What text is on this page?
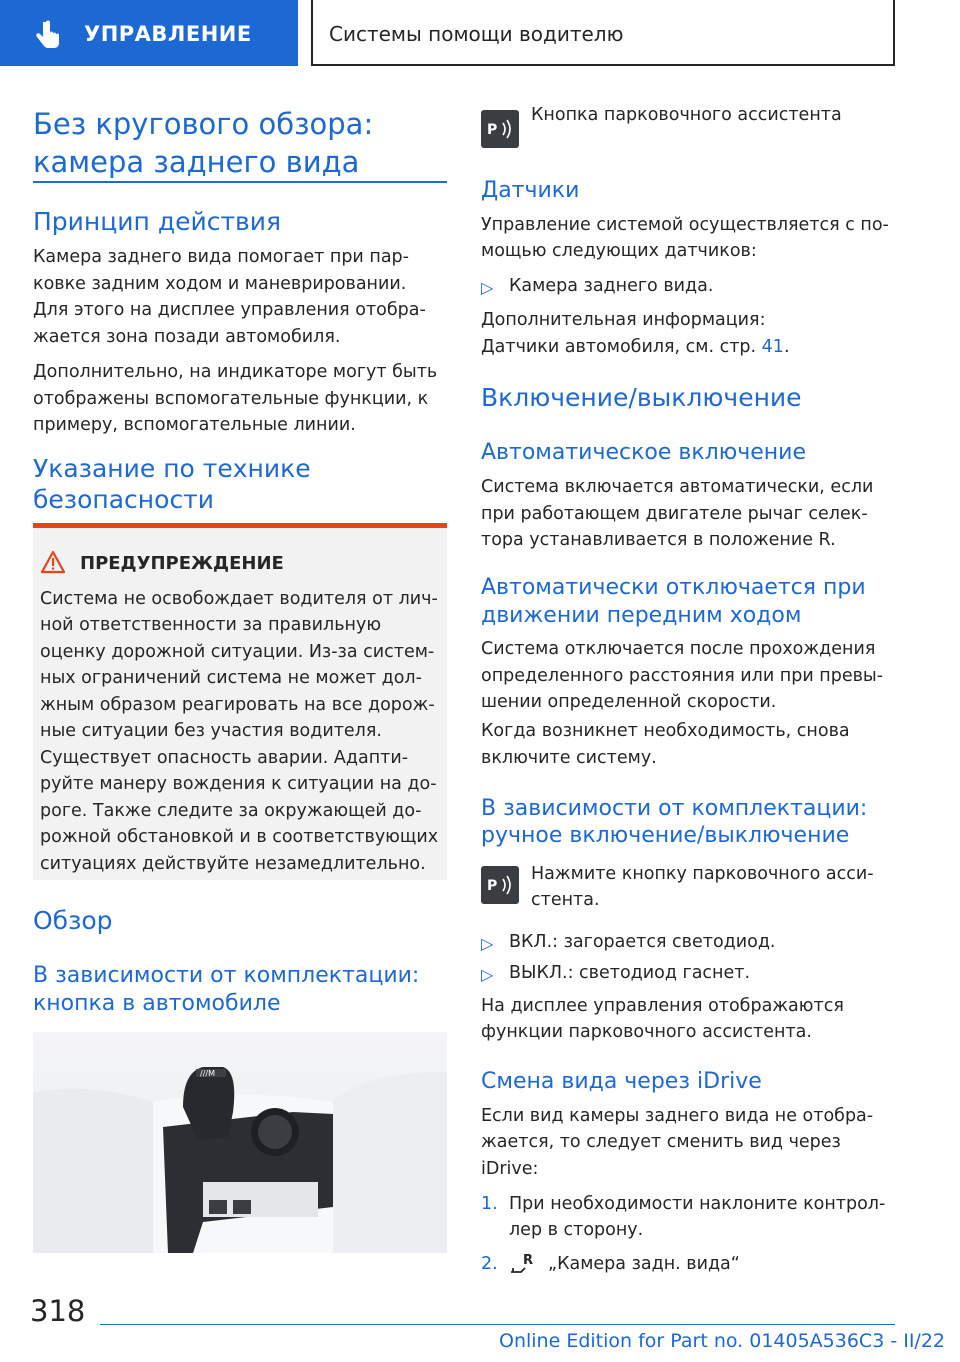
УПРАВЛЕНИЕ	Системы помощи водителю
Без кругового обзора:
камера заднего вида
Принцип действия
Камера заднего вида помогает при пар-
ковке задним ходом и маневрировании.
Для этого на дисплее управления отобра-
жается зона позади автомобиля.
Дополнительно, на индикаторе могут быть
отображены вспомогательные функции, к
примеру, вспомогательные линии.
Указание по технике
безопасности
ПРЕДУПРЕЖДЕНИЕ
Система не освобождает водителя от лич-
ной ответственности за правильную
оценку дорожной ситуации. Из-за систем-
ных ограничений система не может дол-
жным образом реагировать на все дорож-
ные ситуации без участия водителя.
Существует опасность аварии. Адапти-
руйте манеру вождения к ситуации на до-
роге. Также следите за окружающей до-
рожной обстановкой и в соответствующих
ситуациях действуйте незамедлительно.
Обзор
В зависимости от комплектации:
кнопка в автомобиле
///M
P
Кнопка парковочного ассистента
Датчики
Управление системой осуществляется с по-
мощью следующих датчиков:
▷ Камера заднего вида.
Дополнительная информация:
Датчики автомобиля, см. стр. 41.
Включение/выключение
Автоматическое включение
Система включается автоматически, если
при работающем двигателе рычаг селек-
тора устанавливается в положение R.
Автоматически отключается при
движении передним ходом
Система отключается после прохождения
определенного расстояния или при превы-
шении определенной скорости.
Когда возникнет необходимость, снова
включите систему.
В зависимости от комплектации:
ручное включение/выключение
P
Нажмите кнопку парковочного асси-
стента.
▷ ВКЛ.: загорается светодиод.
▷ ВЫКЛ.: светодиод гаснет.
На дисплее управления отображаются
функции парковочного ассистента.
Смена вида через iDrive
Если вид камеры заднего вида не отобра-
жается, то следует сменить вид через
iDrive:
1. При необходимости наклоните контрол-
лер в сторону.
2. R „Камера задн. вида“
318
Online Edition for Part no. 01405A536C3 - II/22
